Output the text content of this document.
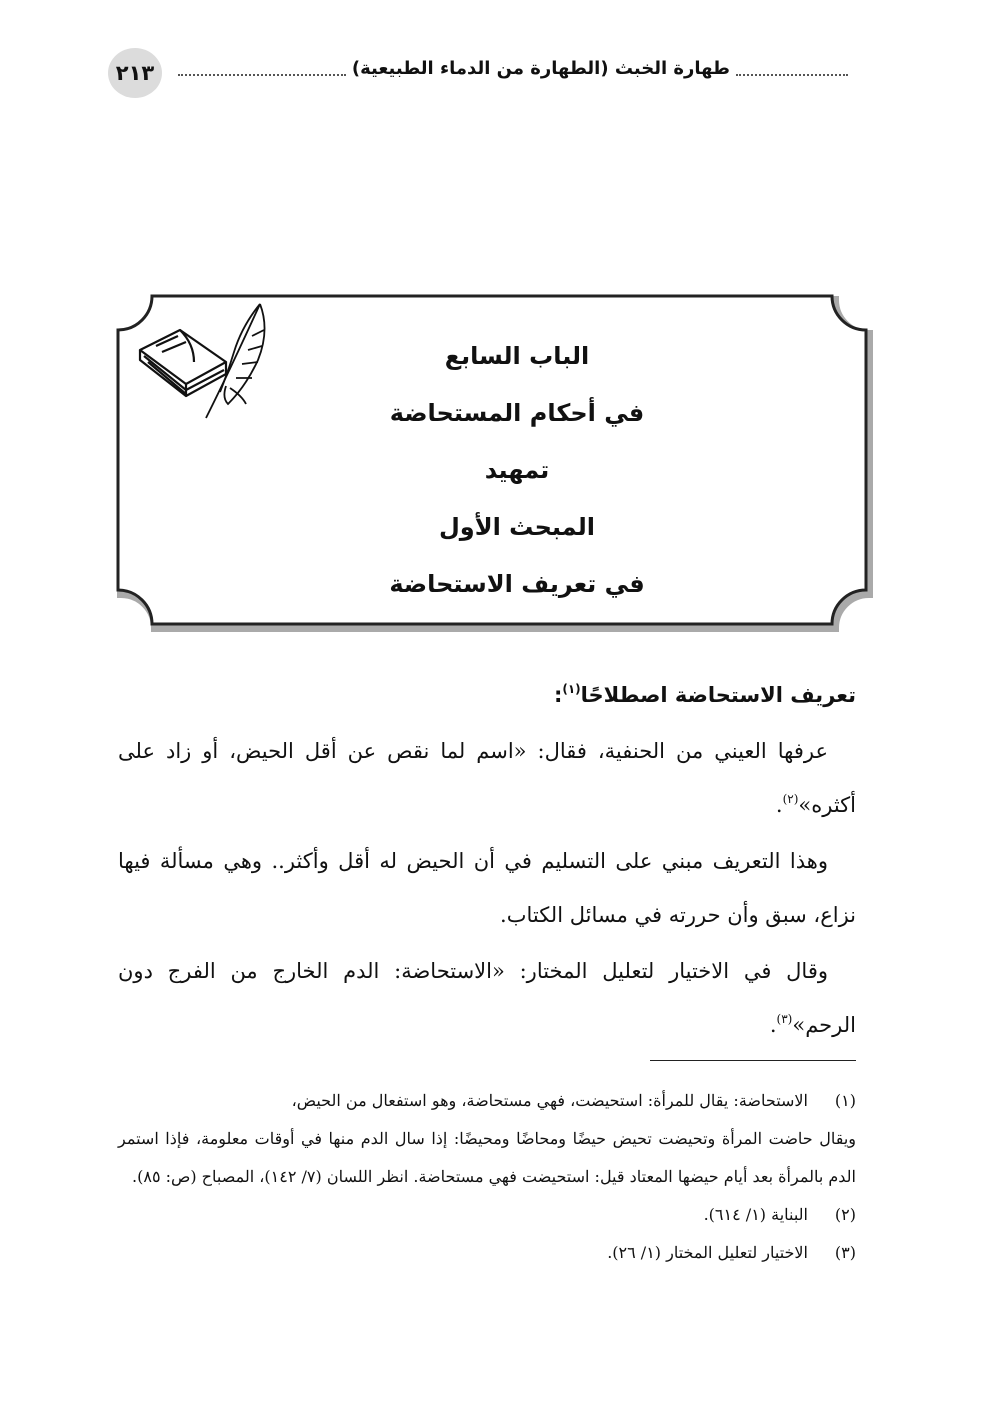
٢١٣	طهارة الخبث (الطهارة من الدماء الطبيعية)
الباب السابع
في أحكام المستحاضة
تمهيد
المبحث الأول
في تعريف الاستحاضة

تعريف الاستحاضة اصطلاحًا$^{(١)}$:

عرفها العيني من الحنفية، فقال: «اسم لما نقص عن أقل الحيض، أو زاد على أكثره»$^{(٢)}$.

وهذا التعريف مبني على التسليم في أن الحيض له أقل وأكثر.. وهي مسألة فيها نزاع، سبق وأن حررته في مسائل الكتاب.

وقال في الاختيار لتعليل المختار: «الاستحاضة: الدم الخارج من الفرج دون الرحم»$^{(٣)}$.

(١)
الاستحاضة: يقال للمرأة: استحيضت، فهي مستحاضة، وهو استفعال من الحيض،
ويقال حاضت المرأة وتحيضت تحيض حيضًا ومحاضًا ومحيضًا: إذا سال الدم منها في أوقات معلومة، فإذا استمر الدم بالمرأة بعد أيام حيضها المعتاد قيل: استحيضت فهي مستحاضة. انظر اللسان (٧/ ١٤٢)، المصباح (ص: ٨٥).
(٢)
البناية (١/ ٦١٤).
(٣)
الاختيار لتعليل المختار (١/ ٢٦).
